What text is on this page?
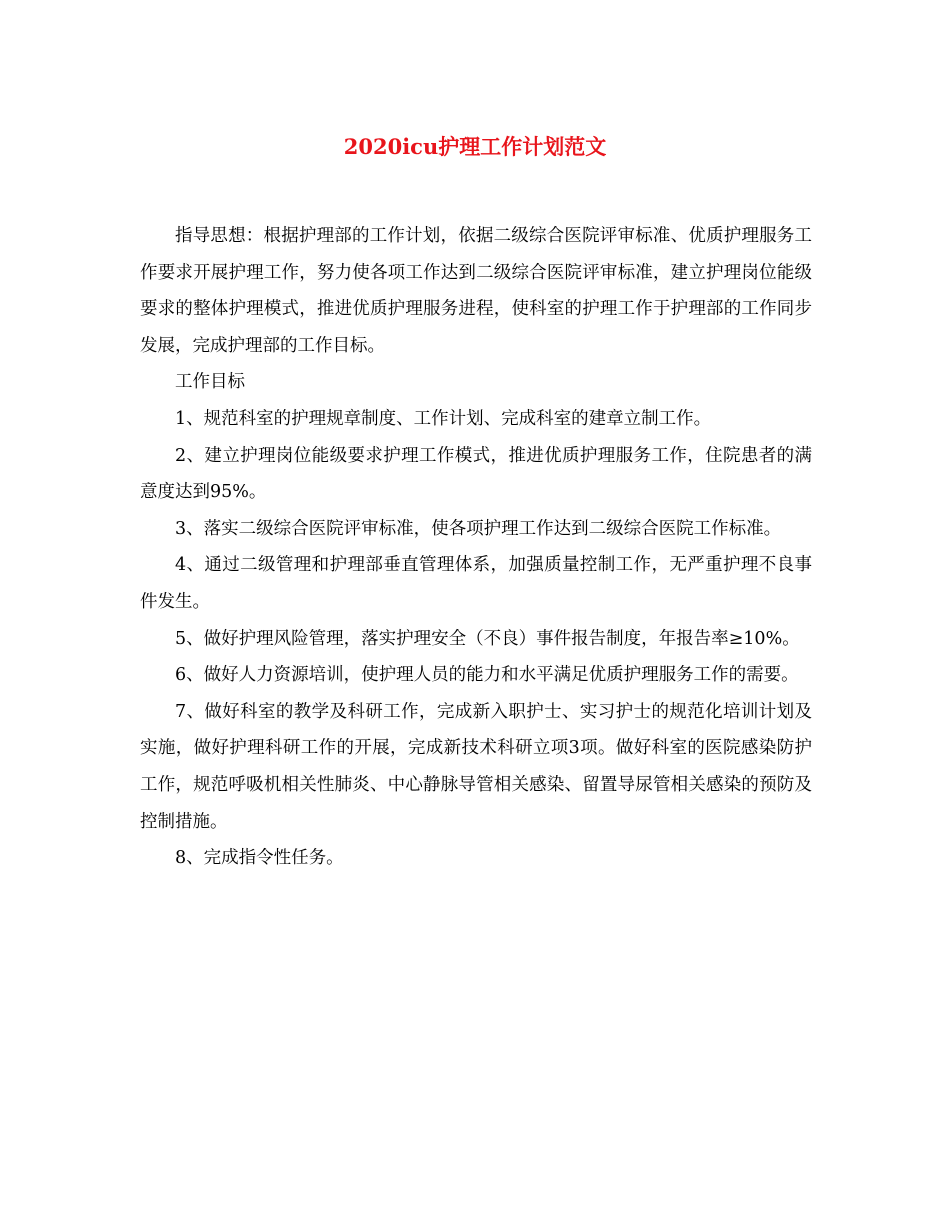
2020icu护理工作计划范文

指导思想：根据护理部的工作计划，依据二级综合医院评审标准、优质护理服务工作要求开展护理工作，努力使各项工作达到二级综合医院评审标准，建立护理岗位能级要求的整体护理模式，推进优质护理服务进程，使科室的护理工作于护理部的工作同步发展，完成护理部的工作目标。

工作目标

1、规范科室的护理规章制度、工作计划、完成科室的建章立制工作。

2、建立护理岗位能级要求护理工作模式，推进优质护理服务工作，住院患者的满意度达到95%。

3、落实二级综合医院评审标准，使各项护理工作达到二级综合医院工作标准。

4、通过二级管理和护理部垂直管理体系，加强质量控制工作，无严重护理不良事件发生。

5、做好护理风险管理，落实护理安全（不良）事件报告制度，年报告率≥10%。

6、做好人力资源培训，使护理人员的能力和水平满足优质护理服务工作的需要。

7、做好科室的教学及科研工作，完成新入职护士、实习护士的规范化培训计划及实施，做好护理科研工作的开展，完成新技术科研立项3项。做好科室的医院感染防护工作，规范呼吸机相关性肺炎、中心静脉导管相关感染、留置导尿管相关感染的预防及控制措施。

8、完成指令性任务。
